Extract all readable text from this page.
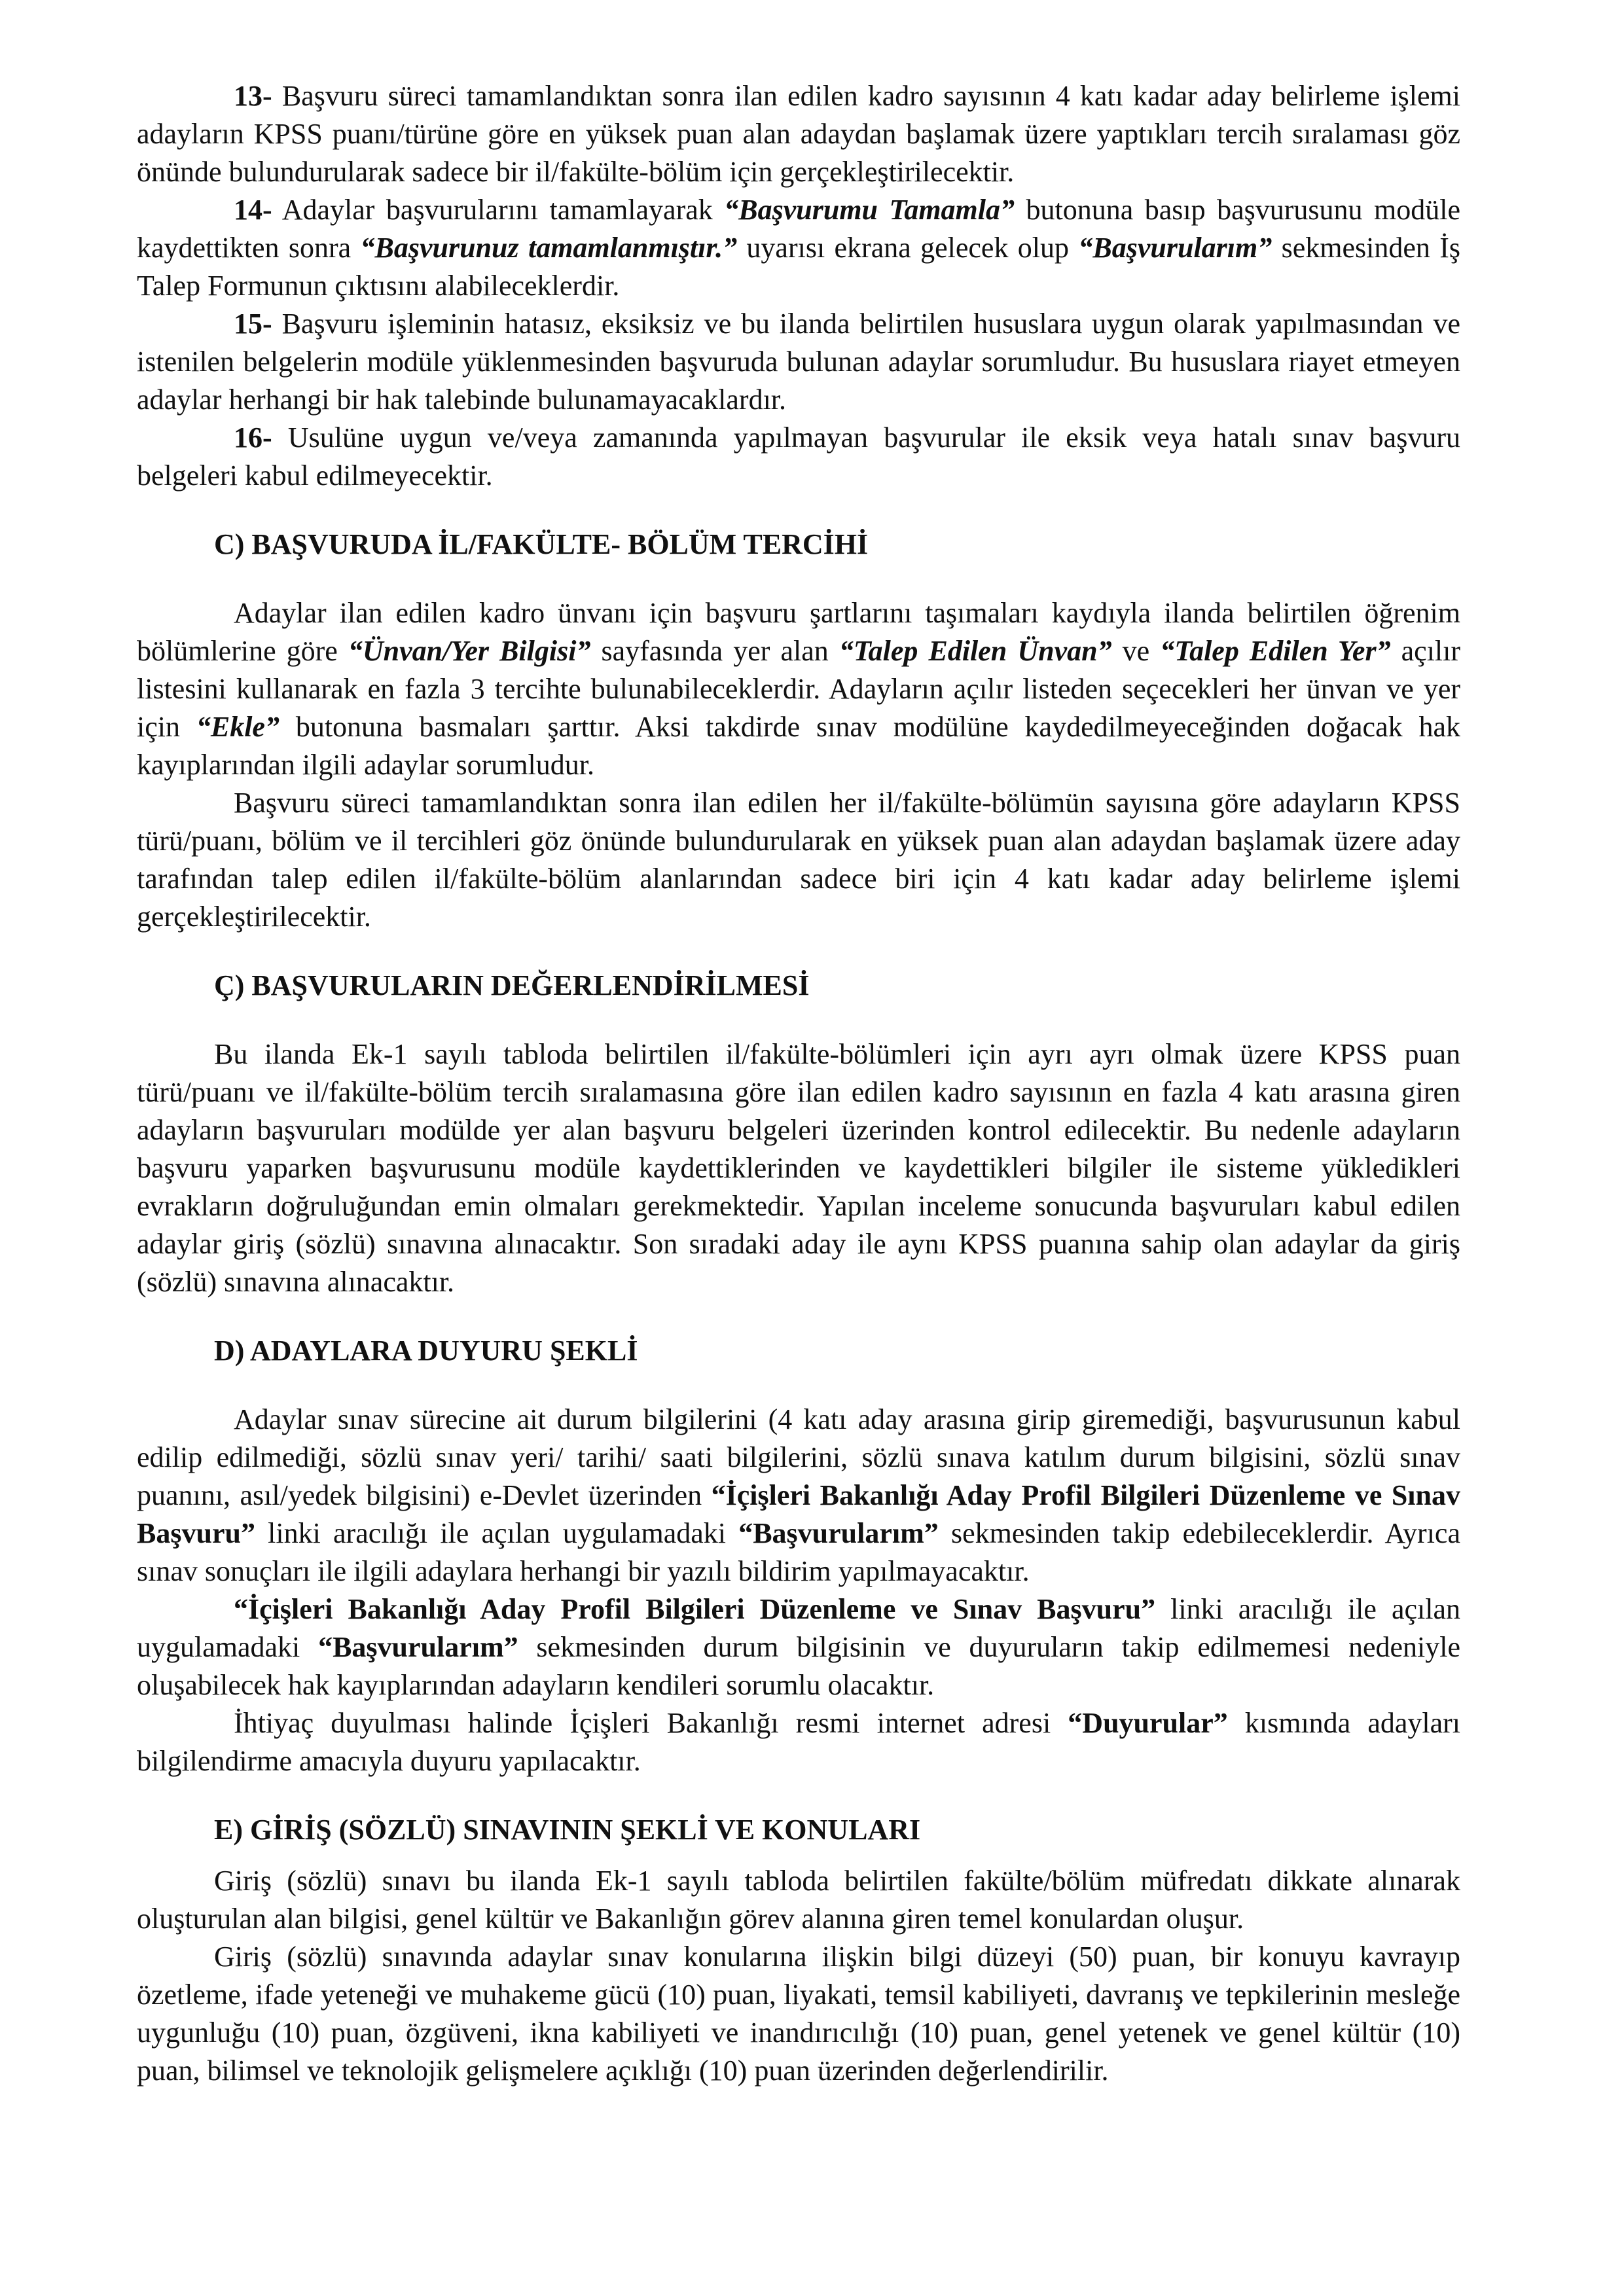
13- Başvuru süreci tamamlandıktan sonra ilan edilen kadro sayısının 4 katı kadar aday belirleme işlemi adayların KPSS puanı/türüne göre en yüksek puan alan adaydan başlamak üzere yaptıkları tercih sıralaması göz önünde bulundurularak sadece bir il/fakülte-bölüm için gerçekleştirilecektir.

14- Adaylar başvurularını tamamlayarak “Başvurumu Tamamla” butonuna basıp başvurusunu modüle kaydettikten sonra “Başvurunuz tamamlanmıştır.” uyarısı ekrana gelecek olup “Başvurularım” sekmesinden İş Talep Formunun çıktısını alabileceklerdir.

15- Başvuru işleminin hatasız, eksiksiz ve bu ilanda belirtilen hususlara uygun olarak yapılmasından ve istenilen belgelerin modüle yüklenmesinden başvuruda bulunan adaylar sorumludur. Bu hususlara riayet etmeyen adaylar herhangi bir hak talebinde bulunamayacaklardır.

16- Usulüne uygun ve/veya zamanında yapılmayan başvurular ile eksik veya hatalı sınav başvuru belgeleri kabul edilmeyecektir.

C) BAŞVURUDA İL/FAKÜLTE- BÖLÜM TERCİHİ

Adaylar ilan edilen kadro ünvanı için başvuru şartlarını taşımaları kaydıyla ilanda belirtilen öğrenim bölümlerine göre “Ünvan/Yer Bilgisi” sayfasında yer alan “Talep Edilen Ünvan” ve “Talep Edilen Yer” açılır listesini kullanarak en fazla 3 tercihte bulunabileceklerdir. Adayların açılır listeden seçecekleri her ünvan ve yer için “Ekle” butonuna basmaları şarttır. Aksi takdirde sınav modülüne kaydedilmeyeceğinden doğacak hak kayıplarından ilgili adaylar sorumludur.

Başvuru süreci tamamlandıktan sonra ilan edilen her il/fakülte-bölümün sayısına göre adayların KPSS türü/puanı, bölüm ve il tercihleri göz önünde bulundurularak en yüksek puan alan adaydan başlamak üzere aday tarafından talep edilen il/fakülte-bölüm alanlarından sadece biri için 4 katı kadar aday belirleme işlemi gerçekleştirilecektir.

Ç) BAŞVURULARIN DEĞERLENDİRİLMESİ

Bu ilanda Ek-1 sayılı tabloda belirtilen il/fakülte-bölümleri için ayrı ayrı olmak üzere KPSS puan türü/puanı ve il/fakülte-bölüm tercih sıralamasına göre ilan edilen kadro sayısının en fazla 4 katı arasına giren adayların başvuruları modülde yer alan başvuru belgeleri üzerinden kontrol edilecektir. Bu nedenle adayların başvuru yaparken başvurusunu modüle kaydettiklerinden ve kaydettikleri bilgiler ile sisteme yükledikleri evrakların doğruluğundan emin olmaları gerekmektedir. Yapılan inceleme sonucunda başvuruları kabul edilen adaylar giriş (sözlü) sınavına alınacaktır. Son sıradaki aday ile aynı KPSS puanına sahip olan adaylar da giriş (sözlü) sınavına alınacaktır.

D) ADAYLARA DUYURU ŞEKLİ

Adaylar sınav sürecine ait durum bilgilerini (4 katı aday arasına girip giremediği, başvurusunun kabul edilip edilmediği, sözlü sınav yeri/ tarihi/ saati bilgilerini, sözlü sınava katılım durum bilgisini, sözlü sınav puanını, asıl/yedek bilgisini) e-Devlet üzerinden “İçişleri Bakanlığı Aday Profil Bilgileri Düzenleme ve Sınav Başvuru” linki aracılığı ile açılan uygulamadaki “Başvurularım” sekmesinden takip edebileceklerdir. Ayrıca sınav sonuçları ile ilgili adaylara herhangi bir yazılı bildirim yapılmayacaktır.

“İçişleri Bakanlığı Aday Profil Bilgileri Düzenleme ve Sınav Başvuru” linki aracılığı ile açılan uygulamadaki “Başvurularım” sekmesinden durum bilgisinin ve duyuruların takip edilmemesi nedeniyle oluşabilecek hak kayıplarından adayların kendileri sorumlu olacaktır.

İhtiyaç duyulması halinde İçişleri Bakanlığı resmi internet adresi “Duyurular” kısmında adayları bilgilendirme amacıyla duyuru yapılacaktır.

E) GİRİŞ (SÖZLÜ) SINAVININ ŞEKLİ VE KONULARI

Giriş (sözlü) sınavı bu ilanda Ek-1 sayılı tabloda belirtilen fakülte/bölüm müfredatı dikkate alınarak oluşturulan alan bilgisi, genel kültür ve Bakanlığın görev alanına giren temel konulardan oluşur.

Giriş (sözlü) sınavında adaylar sınav konularına ilişkin bilgi düzeyi (50) puan, bir konuyu kavrayıp özetleme, ifade yeteneği ve muhakeme gücü (10) puan, liyakati, temsil kabiliyeti, davranış ve tepkilerinin mesleğe uygunluğu (10) puan, özgüveni, ikna kabiliyeti ve inandırıcılığı (10) puan, genel yetenek ve genel kültür (10) puan, bilimsel ve teknolojik gelişmelere açıklığı (10) puan üzerinden değerlendirilir.
